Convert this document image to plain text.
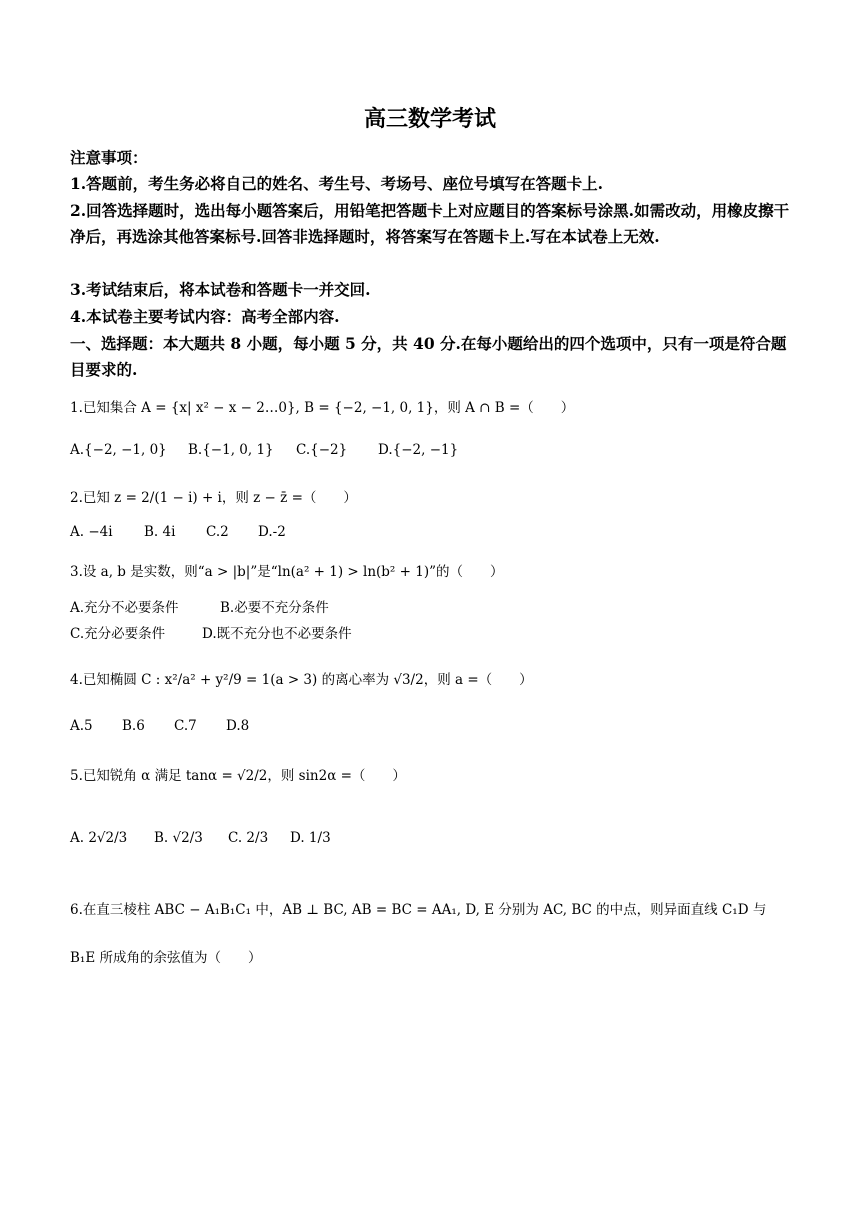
高三数学考试
注意事项：
1.答题前，考生务必将自己的姓名、考生号、考场号、座位号填写在答题卡上.
2.回答选择题时，选出每小题答案后，用铅笔把答题卡上对应题目的答案标号涂黑.如需改动，用橡皮擦干净后，再选涂其他答案标号.回答非选择题时，将答案写在答题卡上.写在本试卷上无效.
3.考试结束后，将本试卷和答题卡一并交回.
4.本试卷主要考试内容：高考全部内容.
一、选择题：本大题共 8 小题，每小题 5 分，共 40 分.在每小题给出的四个选项中，只有一项是符合题目要求的.
1.已知集合 A = {x| x² − x − 2…0}, B = {−2, −1, 0, 1}，则 A ∩ B =（　　）
A.{−2, −1, 0} B.{−1, 0, 1} C.{−2} D.{−2, −1}
2.已知 z = 2/(1 − i) + i，则 z − z̄ =（　　）
A. −4i B. 4i C.2 D.-2
3.设 a, b 是实数，则“a > |b|”是“ln(a² + 1) > ln(b² + 1)”的（　　）
A.充分不必要条件	B.必要不充分条件
C.充分必要条件	D.既不充分也不必要条件
4.已知椭圆 C : x²/a² + y²/9 = 1(a > 3) 的离心率为 √3/2，则 a =（　　）
A.5 B.6 C.7 D.8
5.已知锐角 α 满足 tanα = √2/2，则 sin2α =（　　）
A. 2√2/3 B. √2/3 C. 2/3 D. 1/3
6.在直三棱柱 ABC − A₁B₁C₁ 中，AB ⊥ BC, AB = BC = AA₁, D, E 分别为 AC, BC 的中点，则异面直线 C₁D 与 B₁E 所成角的余弦值为（　　）
